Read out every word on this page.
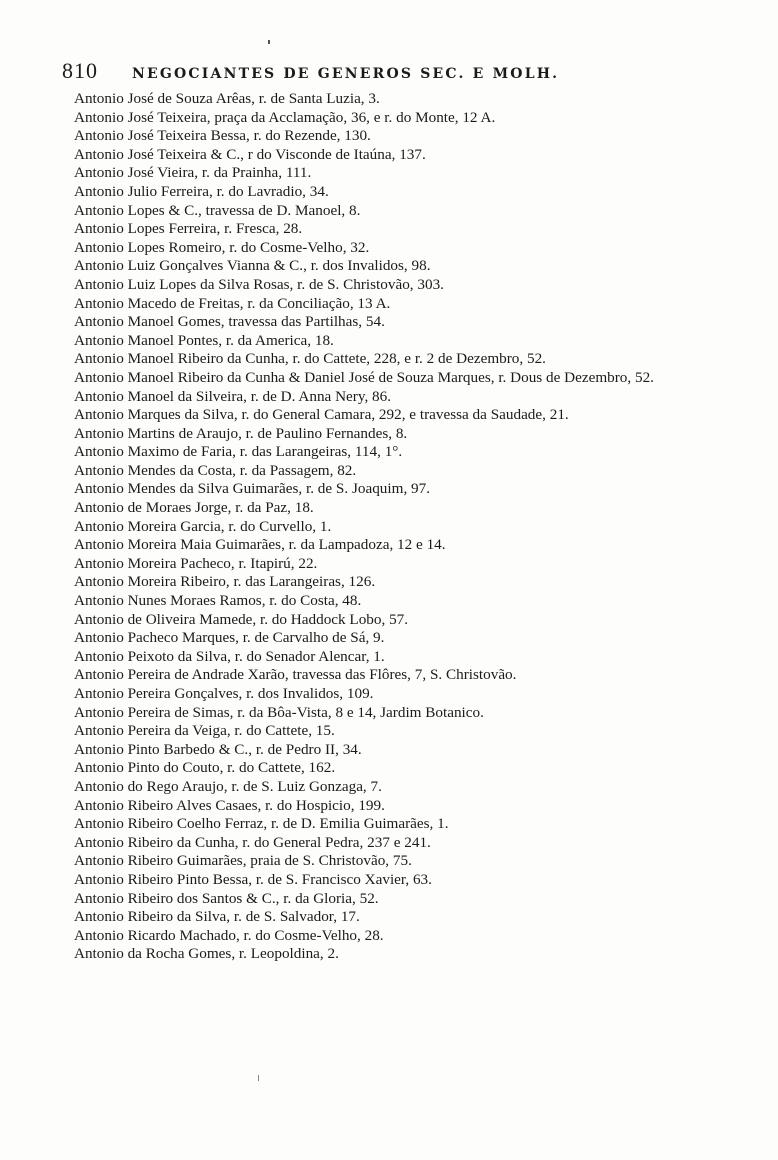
810	NEGOCIANTES DE GENEROS SEC. E MOLH.
Antonio José de Souza Arêas, r. de Santa Luzia, 3.
Antonio José Teixeira, praça da Acclamação, 36, e r. do Monte, 12 A.
Antonio José Teixeira Bessa, r. do Rezende, 130.
Antonio José Teixeira & C., r do Visconde de Itaúna, 137.
Antonio José Vieira, r. da Prainha, 111.
Antonio Julio Ferreira, r. do Lavradio, 34.
Antonio Lopes & C., travessa de D. Manoel, 8.
Antonio Lopes Ferreira, r. Fresca, 28.
Antonio Lopes Romeiro, r. do Cosme-Velho, 32.
Antonio Luiz Gonçalves Vianna & C., r. dos Invalidos, 98.
Antonio Luiz Lopes da Silva Rosas, r. de S. Christovão, 303.
Antonio Macedo de Freitas, r. da Conciliação, 13 A.
Antonio Manoel Gomes, travessa das Partilhas, 54.
Antonio Manoel Pontes, r. da America, 18.
Antonio Manoel Ribeiro da Cunha, r. do Cattete, 228, e r. 2 de Dezembro, 52.
Antonio Manoel Ribeiro da Cunha & Daniel José de Souza Marques, r. Dous de Dezembro, 52.
Antonio Manoel da Silveira, r. de D. Anna Nery, 86.
Antonio Marques da Silva, r. do General Camara, 292, e travessa da Saudade, 21.
Antonio Martins de Araujo, r. de Paulino Fernandes, 8.
Antonio Maximo de Faria, r. das Larangeiras, 114, 1°.
Antonio Mendes da Costa, r. da Passagem, 82.
Antonio Mendes da Silva Guimarães, r. de S. Joaquim, 97.
Antonio de Moraes Jorge, r. da Paz, 18.
Antonio Moreira Garcia, r. do Curvello, 1.
Antonio Moreira Maia Guimarães, r. da Lampadoza, 12 e 14.
Antonio Moreira Pacheco, r. Itapirú, 22.
Antonio Moreira Ribeiro, r. das Larangeiras, 126.
Antonio Nunes Moraes Ramos, r. do Costa, 48.
Antonio de Oliveira Mamede, r. do Haddock Lobo, 57.
Antonio Pacheco Marques, r. de Carvalho de Sá, 9.
Antonio Peixoto da Silva, r. do Senador Alencar, 1.
Antonio Pereira de Andrade Xarão, travessa das Flôres, 7, S. Christovão.
Antonio Pereira Gonçalves, r. dos Invalidos, 109.
Antonio Pereira de Simas, r. da Bôa-Vista, 8 e 14, Jardim Botanico.
Antonio Pereira da Veiga, r. do Cattete, 15.
Antonio Pinto Barbedo & C., r. de Pedro II, 34.
Antonio Pinto do Couto, r. do Cattete, 162.
Antonio do Rego Araujo, r. de S. Luiz Gonzaga, 7.
Antonio Ribeiro Alves Casaes, r. do Hospicio, 199.
Antonio Ribeiro Coelho Ferraz, r. de D. Emilia Guimarães, 1.
Antonio Ribeiro da Cunha, r. do General Pedra, 237 e 241.
Antonio Ribeiro Guimarães, praia de S. Christovão, 75.
Antonio Ribeiro Pinto Bessa, r. de S. Francisco Xavier, 63.
Antonio Ribeiro dos Santos & C., r. da Gloria, 52.
Antonio Ribeiro da Silva, r. de S. Salvador, 17.
Antonio Ricardo Machado, r. do Cosme-Velho, 28.
Antonio da Rocha Gomes, r. Leopoldina, 2.
